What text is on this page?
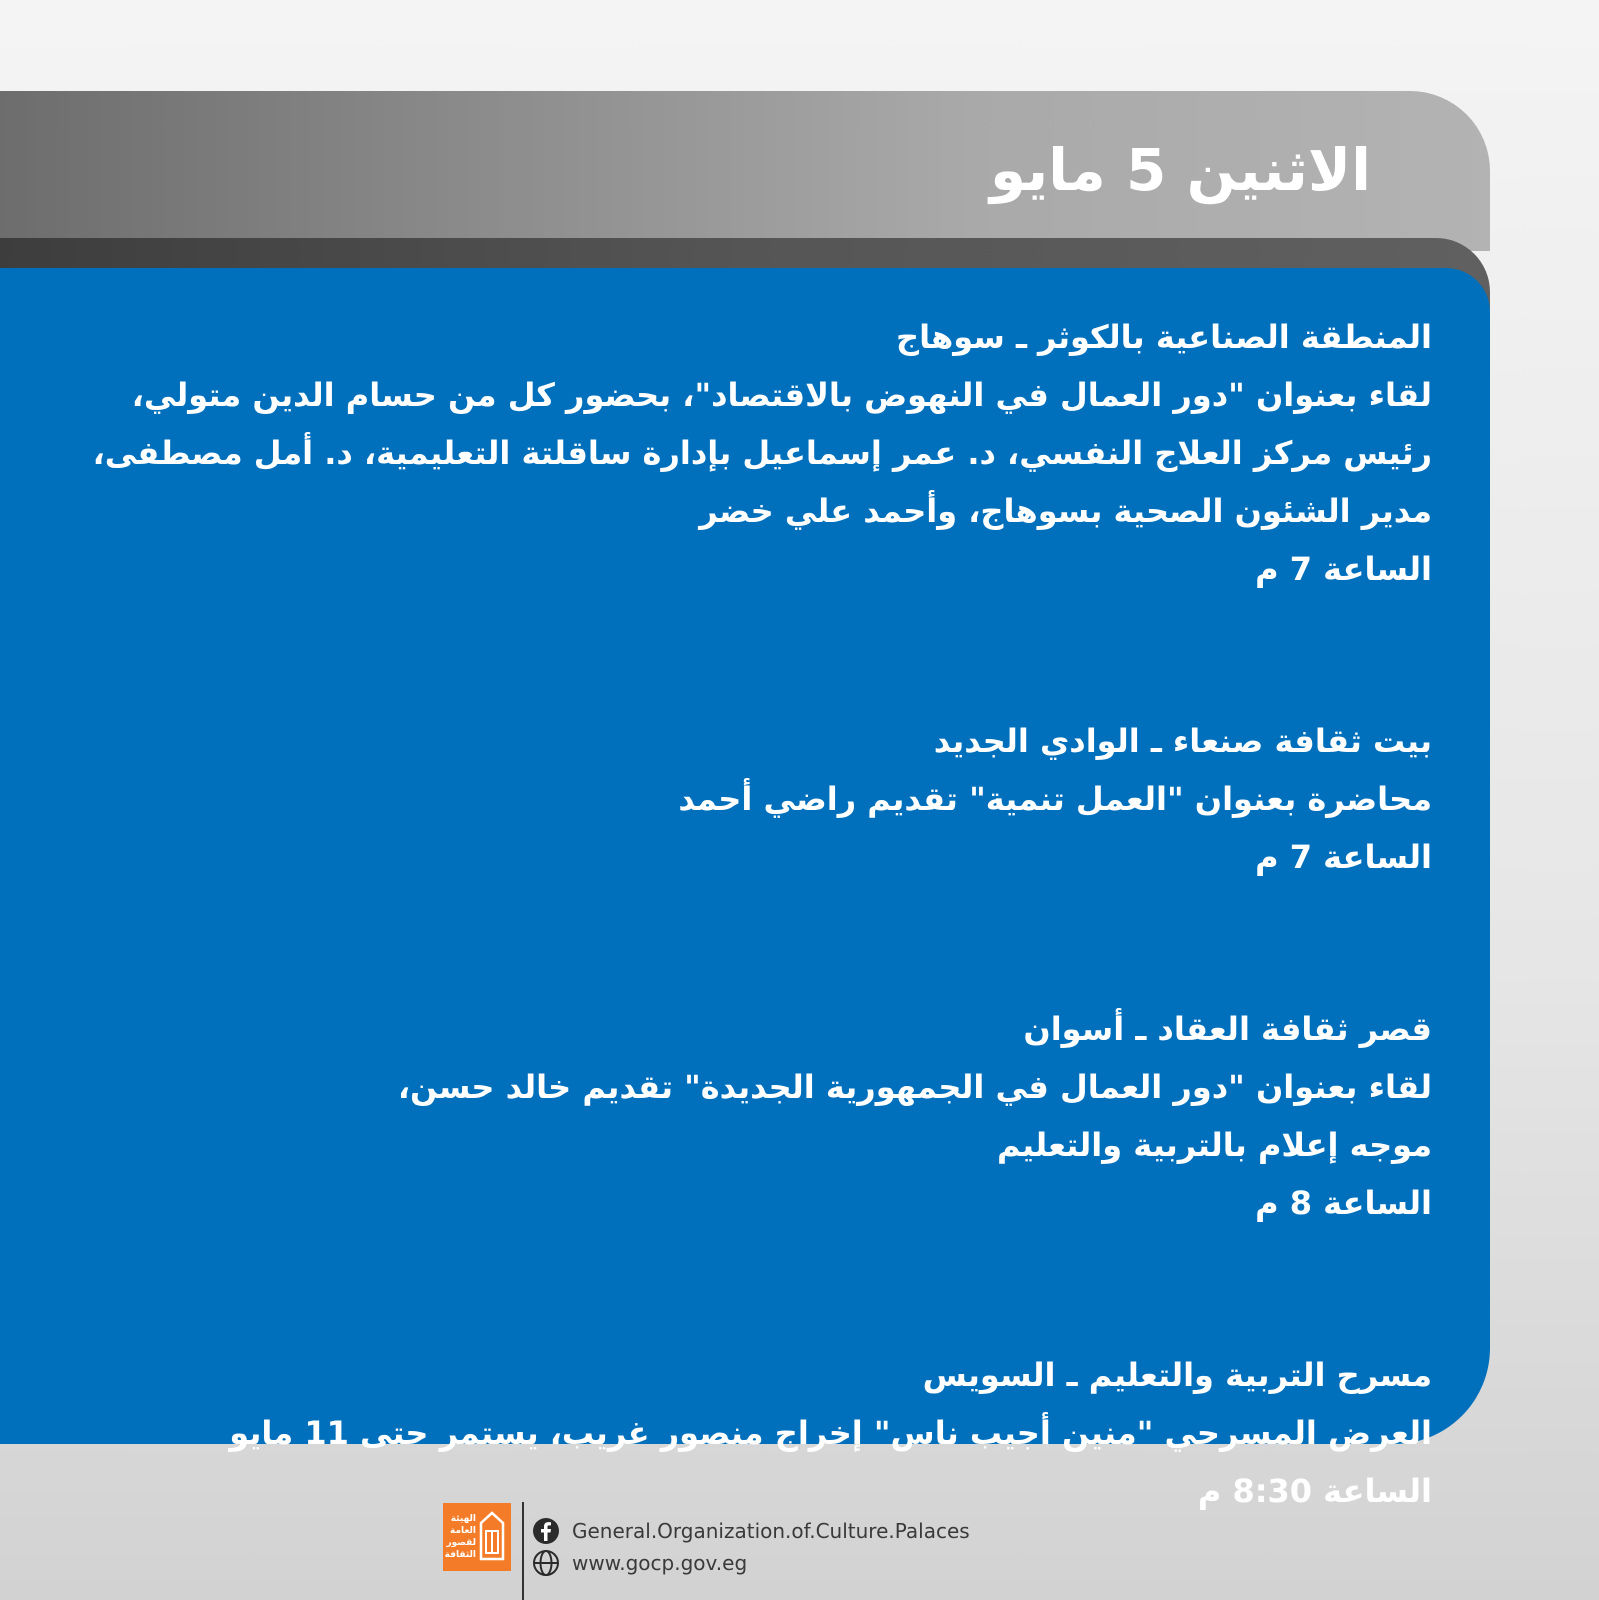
الاثنين 5 مايو
المنطقة الصناعية بالكوثر ـ سوهاج
لقاء بعنوان "دور العمال في النهوض بالاقتصاد"، بحضور كل من حسام الدين متولي،
رئيس مركز العلاج النفسي، د. عمر إسماعيل بإدارة ساقلتة التعليمية، د. أمل مصطفى،
مدير الشئون الصحية بسوهاج، وأحمد علي خضر
الساعة 7 م
بيت ثقافة صنعاء ـ الوادي الجديد
محاضرة بعنوان "العمل تنمية" تقديم راضي أحمد
الساعة 7 م
قصر ثقافة العقاد ـ أسوان
لقاء بعنوان "دور العمال في الجمهورية الجديدة" تقديم خالد حسن،
موجه إعلام بالتربية والتعليم
الساعة 8 م
مسرح التربية والتعليم ـ السويس
العرض المسرحي "منين أجيب ناس" إخراج منصور غريب، يستمر حتى 11 مايو
الساعة 8:30 م
الهيئة العامة لقصور الثقافة
General.Organization.of.Culture.Palaces
www.gocp.gov.eg
